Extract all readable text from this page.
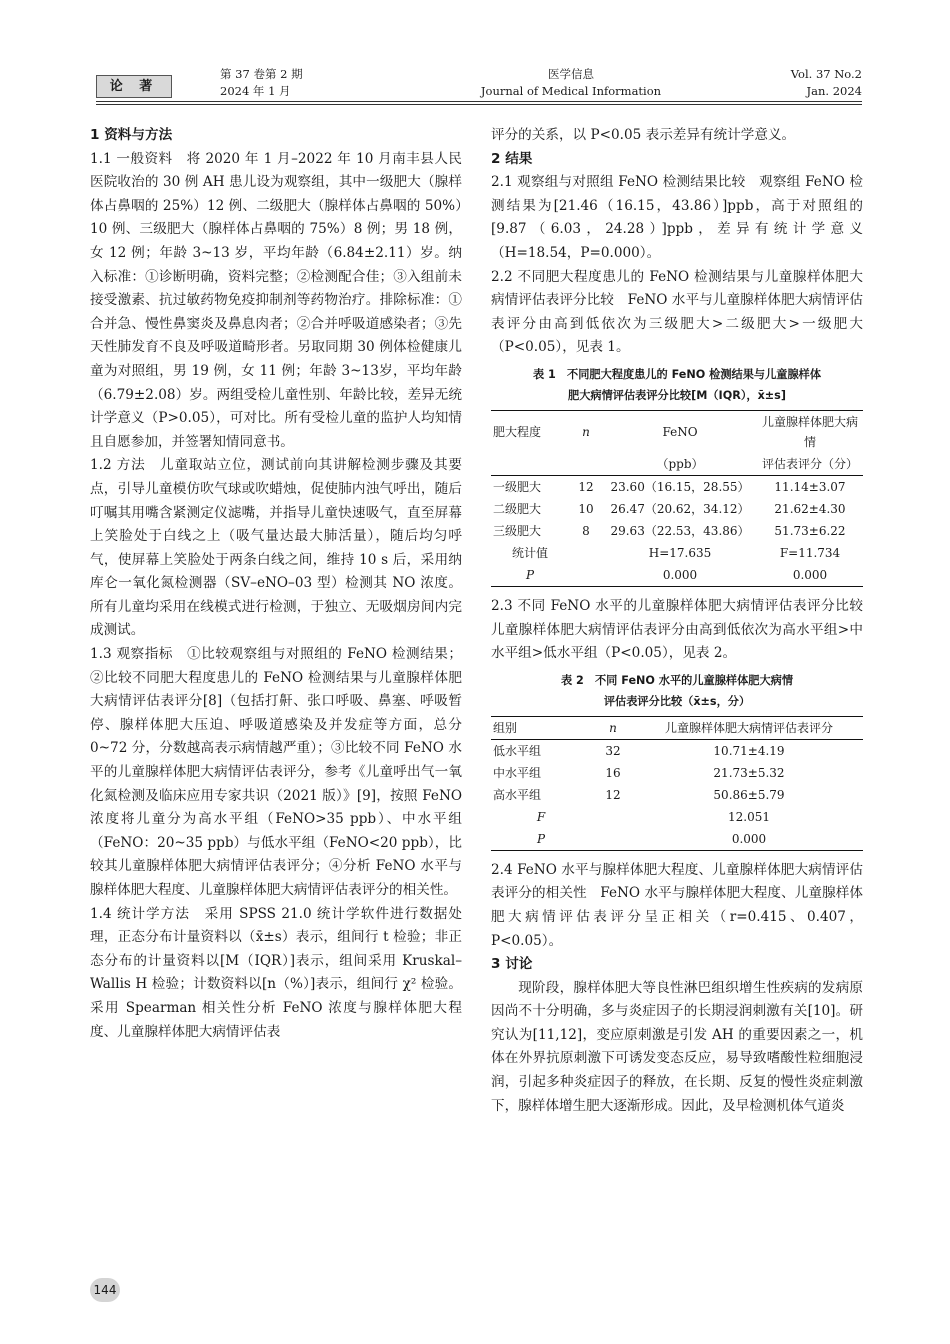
论 著
第 37 卷第 2 期
2024 年 1 月
医学信息
Journal of Medical Information
Vol. 37 No.2
Jan. 2024
1 资料与方法

1.1 一般资料　将 2020 年 1 月–2022 年 10 月南丰县人民医院收治的 30 例 AH 患儿设为观察组，其中一级肥大（腺样体占鼻咽的 25%）12 例、二级肥大（腺样体占鼻咽的 50%）10 例、三级肥大（腺样体占鼻咽的 75%）8 例；男 18 例，女 12 例；年龄 3~13 岁，平均年龄（6.84±2.11）岁。纳入标准：①诊断明确，资料完整；②检测配合佳；③入组前未接受激素、抗过敏药物免疫抑制剂等药物治疗。排除标准：①合并急、慢性鼻窦炎及鼻息肉者；②合并呼吸道感染者；③先天性肺发育不良及呼吸道畸形者。另取同期 30 例体检健康儿童为对照组，男 19 例，女 11 例；年龄 3~13岁，平均年龄（6.79±2.08）岁。两组受检儿童性别、年龄比较，差异无统计学意义（P>0.05），可对比。所有受检儿童的监护人均知情且自愿参加，并签署知情同意书。

1.2 方法　儿童取站立位，测试前向其讲解检测步骤及其要点，引导儿童模仿吹气球或吹蜡烛，促使肺内浊气呼出，随后叮嘱其用嘴含紧测定仪滤嘴，并指导儿童快速吸气，直至屏幕上笑脸处于白线之上（吸气量达最大肺活量），随后均匀呼气，使屏幕上笑脸处于两条白线之间，维持 10 s 后，采用纳库仑一氧化氮检测器（SV–eNO–03 型）检测其 NO 浓度。所有儿童均采用在线模式进行检测，于独立、无吸烟房间内完成测试。

1.3 观察指标　①比较观察组与对照组的 FeNO 检测结果；②比较不同肥大程度患儿的 FeNO 检测结果与儿童腺样体肥大病情评估表评分[8]（包括打鼾、张口呼吸、鼻塞、呼吸暂停、腺样体肥大压迫、呼吸道感染及并发症等方面，总分 0~72 分，分数越高表示病情越严重）；③比较不同 FeNO 水平的儿童腺样体肥大病情评估表评分，参考《儿童呼出气一氧化氮检测及临床应用专家共识（2021 版）》[9]，按照 FeNO 浓度将儿童分为高水平组（FeNO>35 ppb）、中水平组（FeNO：20~35 ppb）与低水平组（FeNO<20 ppb），比较其儿童腺样体肥大病情评估表评分；④分析 FeNO 水平与腺样体肥大程度、儿童腺样体肥大病情评估表评分的相关性。

1.4 统计学方法　采用 SPSS 21.0 统计学软件进行数据处理，正态分布计量资料以（x̄±s）表示，组间行 t 检验；非正态分布的计量资料以[M（IQR）]表示，组间采用 Kruskal–Wallis H 检验；计数资料以[n（%）]表示，组间行 χ² 检验。采用 Spearman 相关性分析 FeNO 浓度与腺样体肥大程度、儿童腺样体肥大病情评估表

评分的关系，以 P<0.05 表示差异有统计学意义。

2 结果

2.1 观察组与对照组 FeNO 检测结果比较　观察组 FeNO 检测结果为[21.46（16.15，43.86）]ppb，高于对照组的 [9.87（6.03，24.28）]ppb，差异有统计学意义（H=18.54，P=0.000）。

2.2 不同肥大程度患儿的 FeNO 检测结果与儿童腺样体肥大病情评估表评分比较　FeNO 水平与儿童腺样体肥大病情评估表评分由高到低依次为三级肥大>二级肥大>一级肥大（P<0.05），见表 1。

表 1　不同肥大程度患儿的 FeNO 检测结果与儿童腺样体
肥大病情评估表评分比较[M（IQR），x̄±s]
肥大程度	n	FeNO	儿童腺样体肥大病情
		（ppb）	评估表评分（分）
一级肥大	12	23.60（16.15，28.55）	11.14±3.07
二级肥大	10	26.47（20.62，34.12）	21.62±4.30
三级肥大	8	29.63（22.53，43.86）	51.73±6.22
统计值		H=17.635	F=11.734
P		0.000	0.000

2.3 不同 FeNO 水平的儿童腺样体肥大病情评估表评分比较　儿童腺样体肥大病情评估表评分由高到低依次为高水平组>中水平组>低水平组（P<0.05），见表 2。

表 2　不同 FeNO 水平的儿童腺样体肥大病情
评估表评分比较（x̄±s，分）
组别	n	儿童腺样体肥大病情评估表评分
低水平组	32	10.71±4.19
中水平组	16	21.73±5.32
高水平组	12	50.86±5.79
F		12.051
P		0.000

2.4 FeNO 水平与腺样体肥大程度、儿童腺样体肥大病情评估表评分的相关性　FeNO 水平与腺样体肥大程度、儿童腺样体肥大病情评估表评分呈正相关（r=0.415、0.407，P<0.05）。

3 讨论

现阶段，腺样体肥大等良性淋巴组织增生性疾病的发病原因尚不十分明确，多与炎症因子的长期浸润刺激有关[10]。研究认为[11,12]，变应原刺激是引发 AH 的重要因素之一，机体在外界抗原刺激下可诱发变态反应，易导致嗜酸性粒细胞浸润，引起多种炎症因子的释放，在长期、反复的慢性炎症刺激下，腺样体增生肥大逐渐形成。因此，及早检测机体气道炎

144
